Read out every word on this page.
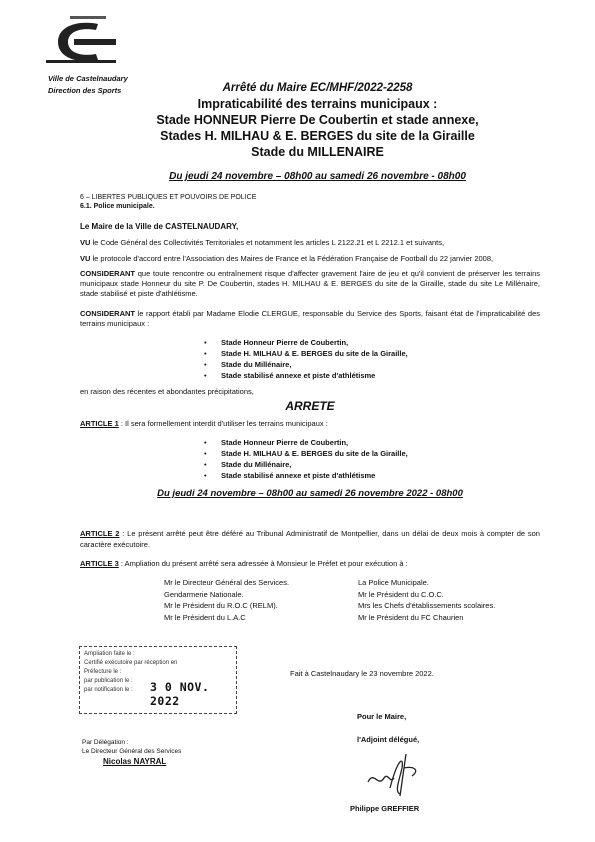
Ville de Castelnaudary
Direction des Sports	Arrêté du Maire EC/MHF/2022-2258
Impraticabilité des terrains municipaux :
Stade HONNEUR Pierre De Coubertin et stade annexe,
Stades H. MILHAU & E. BERGES du site de la Giraille
Stade du MILLENAIRE
Du jeudi 24 novembre – 08h00 au samedi 26 novembre - 08h00
6 – LIBERTES PUBLIQUES ET POUVOIRS DE POLICE
6.1. Police municipale.
Le Maire de la Ville de CASTELNAUDARY,
VU le Code Général des Collectivités Territoriales et notamment les articles L 2122.21 et L 2212.1 et suivants,
VU le protocole d'accord entre l'Association des Maires de France et la Fédération Française de Football du 22 janvier 2008,
CONSIDERANT que toute rencontre ou entraînement risque d'affecter gravement l'aire de jeu et qu'il convient de préserver les terrains municipaux stade Honneur du site P. De Coubertin, stades H. MILHAU & E. BERGES du site de la Giraille, stade du site Le Millénaire, stade stabilisé et piste d'athlétisme.
CONSIDERANT le rapport établi par Madame Elodie CLERGUE, responsable du Service des Sports, faisant état de l'impraticabilité des terrains municipaux :
• Stade Honneur Pierre de Coubertin,
• Stade H. MILHAU & E. BERGES du site de la Giraille,
• Stade du Millénaire,
• Stade stabilisé annexe et piste d'athlétisme
en raison des récentes et abondantes précipitations,
ARRETE
ARTICLE 1 : Il sera formellement interdit d'utiliser les terrains municipaux :
• Stade Honneur Pierre de Coubertin,
• Stade H. MILHAU & E. BERGES du site de la Giraille,
• Stade du Millénaire,
• Stade stabilisé annexe et piste d'athlétisme
Du jeudi 24 novembre – 08h00 au samedi 26 novembre 2022 - 08h00
ARTICLE 2 : Le présent arrêté peut être déféré au Tribunal Administratif de Montpellier, dans un délai de deux mois à compter de son caractère exécutoire.
ARTICLE 3 : Ampliation du présent arrêté sera adressée à Monsieur le Préfet et pour exécution à :
Mr le Directeur Général des Services.
Gendarmerie Nationale.
Mr le Président du R.O.C (RELM).
Mr le Président du L.A.C
La Police Municipale.
Mr le Président du C.O.C.
Mrs les Chefs d'établissements scolaires.
Mr le Président du FC Chaurien
Ampliation faite le :
Certifié exécutoire par réception en
Préfecture le :
par publication le :
par notification le :	3 0 NOV. 2022
Par Délégation :
Le Directeur Général des Services
Nicolas NAYRAL
Fait à Castelnaudary le 23 novembre 2022.
Pour le Maire,
l'Adjoint délégué,
Philippe GREFFIER
